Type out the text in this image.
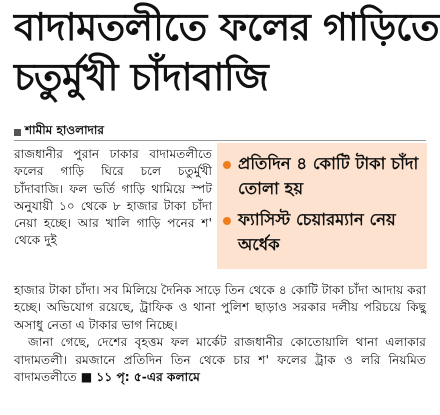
বাদামতলীতে ফলের গাড়িতে
চতুর্মুখী চাঁদাবাজি
শামীম হাওলাদার

রাজধানীর পুরান ঢাকার বাদামতলীতে ফলের গাড়ি ঘিরে চলে চতুর্মুখী চাঁদাবাজি। ফল ভর্তি গাড়ি থামিয়ে স্পট অনুযায়ী ১০ থেকে ৮ হাজার টাকা চাঁদা নেয়া হচ্ছে। আর খালি গাড়ি পনের শ' থেকে দুই

প্রতিদিন ৪ কোটি টাকা চাঁদা তোলা হয়
ফ্যাসিস্ট চেয়ারম্যান নেয় অর্ধেক

হাজার টাকা চাঁদা। সব মিলিয়ে দৈনিক সাড়ে তিন থেকে ৪ কোটি টাকা চাঁদা আদায় করা হচ্ছে। অভিযোগ রয়েছে, ট্রাফিক ও থানা পুলিশ ছাড়াও সরকার দলীয় পরিচয়ে কিছু অসাধু নেতা এ টাকার ভাগ নিচ্ছে।

জানা গেছে, দেশের বৃহত্তম ফল মার্কেট রাজধানীর কোতোয়ালি থানা এলাকার বাদামতলী। রমজানে প্রতিদিন তিন থেকে চার শ' ফলের ট্রাক ও লরি নিয়মিত বাদামতলীতে ■ ১১ পৃ: ৫-এর কলামে
